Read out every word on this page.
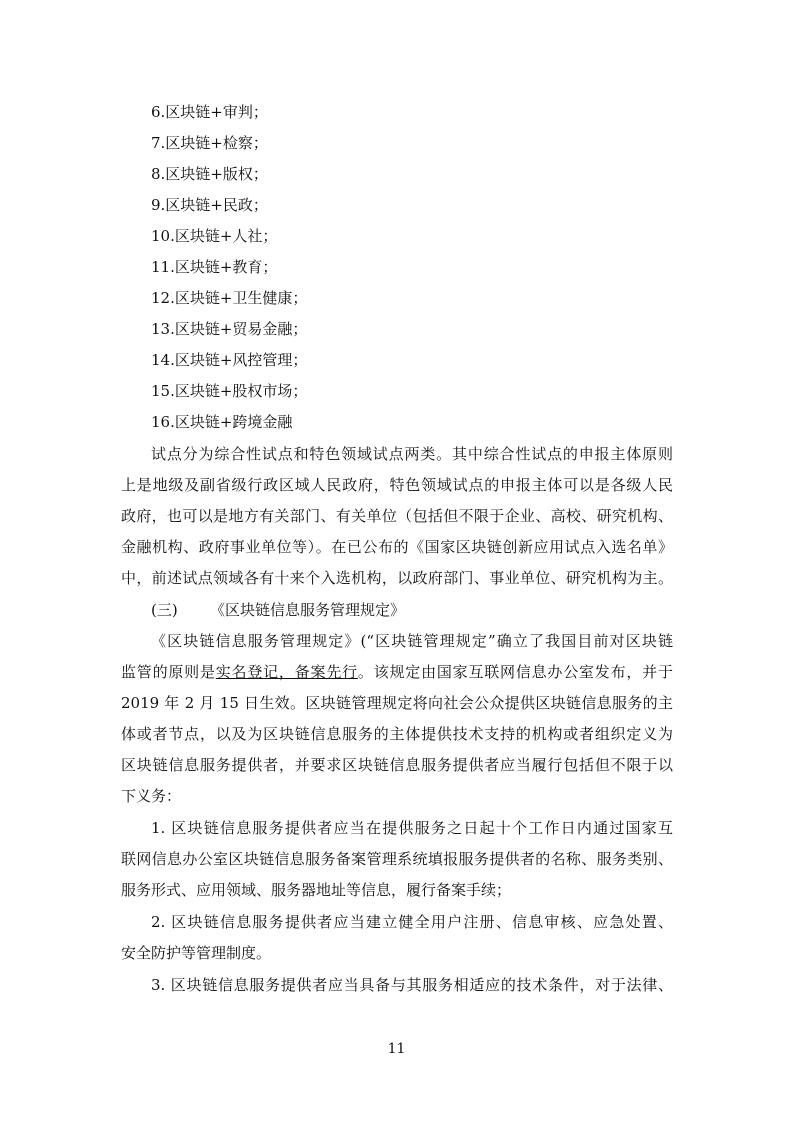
6.区块链+审判；
7.区块链+检察；
8.区块链+版权；
9.区块链+民政；
10.区块链+人社；
11.区块链+教育；
12.区块链+卫生健康；
13.区块链+贸易金融；
14.区块链+风控管理；
15.区块链+股权市场；
16.区块链+跨境金融
试点分为综合性试点和特色领域试点两类。其中综合性试点的申报主体原则
上是地级及副省级行政区域人民政府，特色领域试点的申报主体可以是各级人民
政府，也可以是地方有关部门、有关单位（包括但不限于企业、高校、研究机构、
金融机构、政府事业单位等）。在已公布的《国家区块链创新应用试点入选名单》
中，前述试点领域各有十来个入选机构，以政府部门、事业单位、研究机构为主。
(三) 《区块链信息服务管理规定》
《区块链信息服务管理规定》(“区块链管理规定”确立了我国目前对区块链
监管的原则是实名登记，备案先行。该规定由国家互联网信息办公室发布，并于
2019 年 2 月 15 日生效。区块链管理规定将向社会公众提供区块链信息服务的主
体或者节点，以及为区块链信息服务的主体提供技术支持的机构或者组织定义为
区块链信息服务提供者，并要求区块链信息服务提供者应当履行包括但不限于以
下义务：
1. 区块链信息服务提供者应当在提供服务之日起十个工作日内通过国家互
联网信息办公室区块链信息服务备案管理系统填报服务提供者的名称、服务类别、
服务形式、应用领域、服务器地址等信息，履行备案手续；
2. 区块链信息服务提供者应当建立健全用户注册、信息审核、应急处置、
安全防护等管理制度。
3. 区块链信息服务提供者应当具备与其服务相适应的技术条件，对于法律、
11
